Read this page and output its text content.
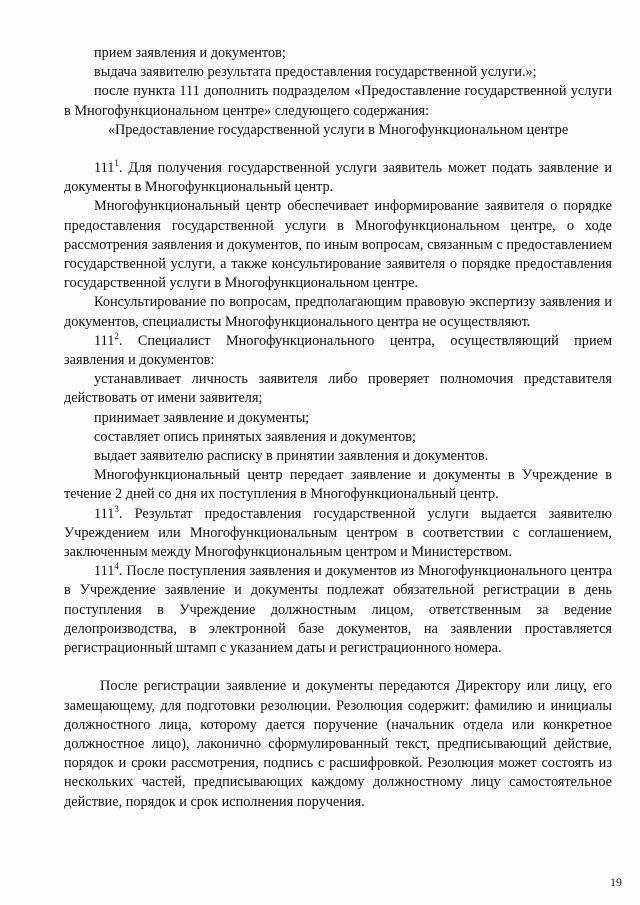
прием заявления и документов;

выдача заявителю результата предоставления государственной услуги.»;

после пункта 111 дополнить подразделом «Предоставление государственной услуги в Многофункциональном центре» следующего содержания:

«Предоставление государственной услуги в Многофункциональном центре

$111^1$. Для получения государственной услуги заявитель может подать заявление и документы в Многофункциональный центр.

Многофункциональный центр обеспечивает информирование заявителя о порядке предоставления государственной услуги в Многофункциональном центре, о ходе рассмотрения заявления и документов, по иным вопросам, связанным с предоставлением государственной услуги, а также консультирование заявителя о порядке предоставления государственной услуги в Многофункциональном центре.

Консультирование по вопросам, предполагающим правовую экспертизу заявления и документов, специалисты Многофункционального центра не осуществляют.

$111^2$. Специалист Многофункционального центра, осуществляющий прием заявления и документов:

устанавливает личность заявителя либо проверяет полномочия представителя действовать от имени заявителя;

принимает заявление и документы;

составляет опись принятых заявления и документов;

выдает заявителю расписку в принятии заявления и документов.

Многофункциональный центр передает заявление и документы в Учреждение в течение 2 дней со дня их поступления в Многофункциональный центр.

$111^3$. Результат предоставления государственной услуги выдается заявителю Учреждением или Многофункциональным центром в соответствии с соглашением, заключенным между Многофункциональным центром и Министерством.

$111^4$. После поступления заявления и документов из Многофункционального центра в Учреждение заявление и документы подлежат обязательной регистрации в день поступления в Учреждение должностным лицом, ответственным за ведение делопроизводства, в электронной базе документов, на заявлении проставляется регистрационный штамп с указанием даты и регистрационного номера.

После регистрации заявление и документы передаются Директору или лицу, его замещающему, для подготовки резолюции. Резолюция содержит: фамилию и инициалы должностного лица, которому дается поручение (начальник отдела или конкретное должностное лицо), лаконично сформулированный текст, предписывающий действие, порядок и сроки рассмотрения, подпись с расшифровкой. Резолюция может состоять из нескольких частей, предписывающих каждому должностному лицу самостоятельное действие, порядок и срок исполнения поручения.

19
